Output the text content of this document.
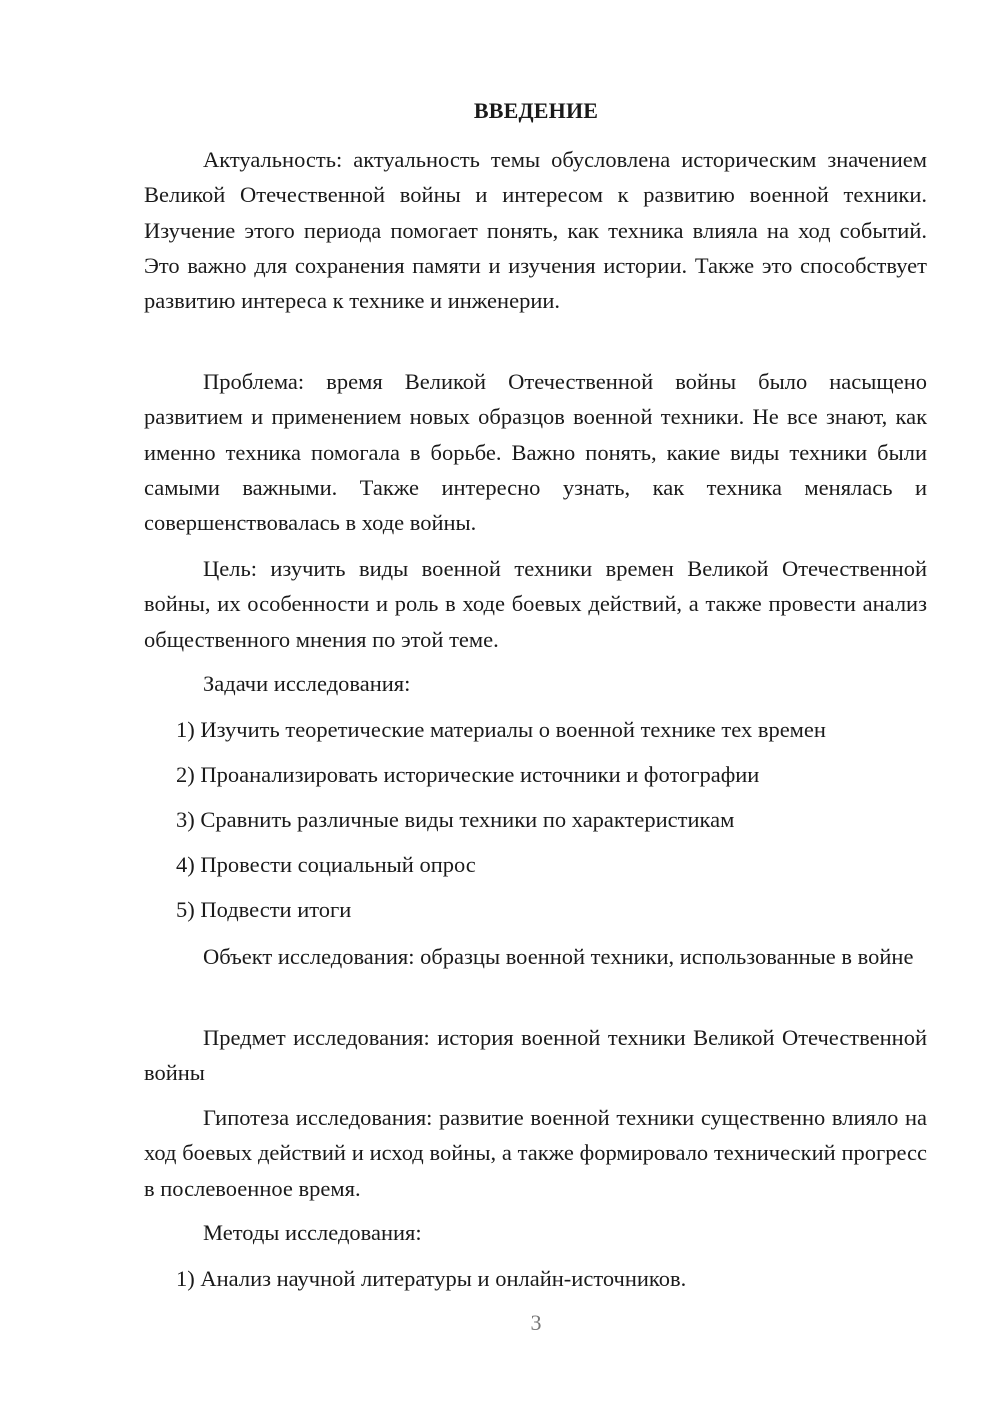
ВВЕДЕНИЕ

Актуальность: актуальность темы обусловлена историческим значением Великой Отечественной войны и интересом к развитию военной техники. Изучение этого периода помогает понять, как техника влияла на ход событий. Это важно для сохранения памяти и изучения истории. Также это способствует развитию интереса к технике и инженерии.

Проблема: время Великой Отечественной войны было насыщено развитием и применением новых образцов военной техники. Не все знают, как именно техника помогала в борьбе. Важно понять, какие виды техники были самыми важными. Также интересно узнать, как техника менялась и совершенствовалась в ходе войны.

Цель: изучить виды военной техники времен Великой Отечественной войны, их особенности и роль в ходе боевых действий, а также провести анализ общественного мнения по этой теме.

Задачи исследования:

1) Изучить теоретические материалы о военной технике тех времен

2) Проанализировать исторические источники и фотографии

3) Сравнить различные виды техники по характеристикам

4) Провести социальный опрос

5) Подвести итоги

Объект исследования: образцы военной техники, использованные в войне

Предмет исследования: история военной техники Великой Отечественной войны

Гипотеза исследования: развитие военной техники существенно влияло на ход боевых действий и исход войны, а также формировало технический прогресс в послевоенное время.

Методы исследования:

1) Анализ научной литературы и онлайн-источников.

3
